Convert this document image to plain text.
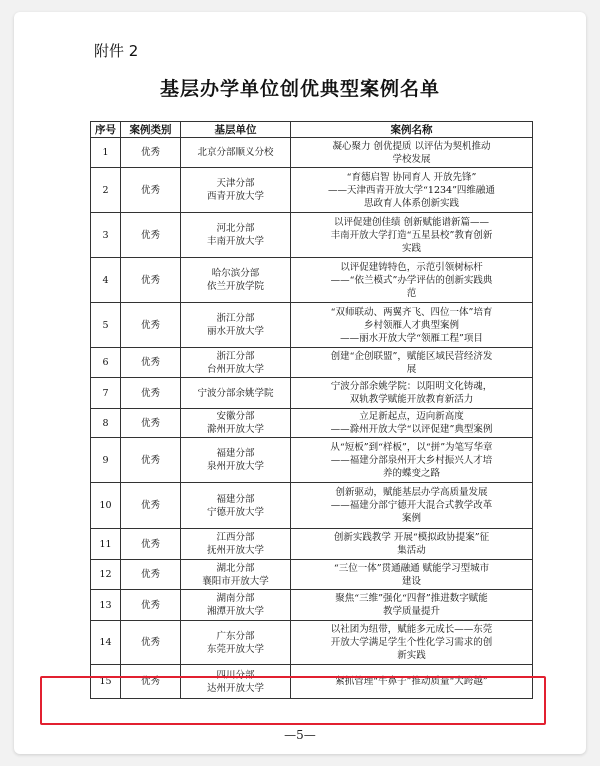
附件 2
基层办学单位创优典型案例名单
序号	案例类别	基层单位	案例名称
1	优秀	北京分部顺义分校	凝心聚力 创优提质 以评估为契机推动
学校发展

2	优秀	天津分部
西青开放大学	“育德启智 协同育人 开放先锋”
——天津西青开放大学“1234”四维融通
思政育人体系创新实践

3	优秀	河北分部
丰南开放大学	以评促建创佳绩 创新赋能谱新篇——
丰南开放大学打造“五星县校”教育创新
实践

4	优秀	哈尔滨分部
依兰开放学院	以评促建铸特色，示范引领树标杆
——“依兰模式”办学评估的创新实践典
范

5	优秀	浙江分部
丽水开放大学	“双师联动、两翼齐飞、四位一体”培育
乡村领雁人才典型案例
——丽水开放大学“领雁工程”项目

6	优秀	浙江分部
台州开放大学	创建“企创联盟”，赋能区域民营经济发
展

7	优秀	宁波分部余姚学院	宁波分部余姚学院：以阳明文化铸魂，
双轨教学赋能开放教育新活力

8	优秀	安徽分部
滁州开放大学	立足新起点，迈向新高度
——滁州开放大学“以评促建”典型案例

9	优秀	福建分部
泉州开放大学	从“短板”到“样板”，以“拼”为笔写华章
——福建分部泉州开大乡村振兴人才培
养的蝶变之路

10	优秀	福建分部
宁德开放大学	创新驱动，赋能基层办学高质量发展
——福建分部宁德开大混合式教学改革
案例

11	优秀	江西分部
抚州开放大学	创新实践教学 开展“模拟政协提案”征
集活动

12	优秀	湖北分部
襄阳市开放大学	“三位一体”贯通融通 赋能学习型城市
建设

13	优秀	湖南分部
湘潭开放大学	聚焦“三维”强化“四督”推进数字赋能
教学质量提升

14	优秀	广东分部
东莞开放大学	以社团为纽带，赋能多元成长——东莞
开放大学满足学生个性化学习需求的创
新实践

15	优秀	四川分部
达州开放大学	紧抓管理“牛鼻子”推动质量“大跨越”
—5—
